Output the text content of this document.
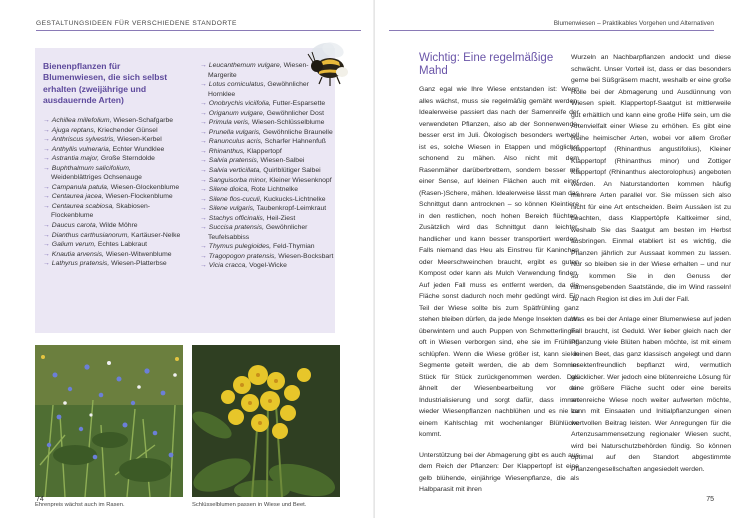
GESTALTUNGSIDEEN FÜR VERSCHIEDENE STANDORTE
Bienenpflanzen für Blumenwiesen, die sich selbst erhalten (zweijährige und ausdauernde Arten)
→ Achillea millefolium, Wiesen-Schafgarbe
→ Ajuga reptans, Kriechender Günsel
→ Anthriscus sylvestris, Wiesen-Kerbel
→ Anthyllis vulneraria, Echter Wundklee
→ Astrantia major, Große Sterndolde
→ Buphthalmum salicifolium, Weidenblättriges Ochsenauge
→ Campanula patula, Wiesen-Glockenblume
→ Centaurea jacea, Wiesen-Flockenblume
→ Centaurea scabiosa, Skabiosen-Flockenblume
→ Daucus carota, Wilde Möhre
→ Dianthus carthusianorum, Kartäuser-Nelke
→ Galium verum, Echtes Labkraut
→ Knautia arvensis, Wiesen-Witwenblume
→ Lathyrus pratensis, Wiesen-Platterbse
→ Leucanthemum vulgare, Wiesen-Margerite
→ Lotus corniculatus, Gewöhnlicher Hornklee
→ Onobrychis viciifolia, Futter-Esparsette
→ Origanum vulgare, Gewöhnlicher Dost
→ Primula veris, Wiesen-Schlüsselblume
→ Prunella vulgaris, Gewöhnliche Braunelle
→ Ranunculus acris, Scharfer Hahnenfuß
→ Rhinanthus, Klappertopf
→ Salvia pratensis, Wiesen-Salbei
→ Salvia verticillata, Quirlblütiger Salbei
→ Sanguisorba minor, Kleiner Wiesenknopf
→ Silene dioica, Rote Lichtnelke
→ Silene flos-cuculi, Kuckucks-Lichtnelke
→ Silene vulgaris, Taubenkropf-Leimkraut
→ Stachys officinalis, Heil-Ziest
→ Succisa pratensis, Gewöhnlicher Teufelsabbiss
→ Thymus pulegioides, Feld-Thymian
→ Tragopogon pratensis, Wiesen-Bocksbart
→ Vicia cracca, Vogel-Wicke
Ehrenpreis wächst auch im Rasen.	Schlüsselblumen passen in Wiese und Beet.
74
Blumenwiesen – Praktikables Vorgehen und Alternativen
Wichtig: Eine regelmäßige Mahd

Ganz egal wie Ihre Wiese entstanden ist: Wenn alles wächst, muss sie regelmäßig gemäht werden. Idealerweise passiert das nach der Samenreife der verwendeten Pflanzen, also ab der Sonnenwende, besser erst im Juli. Ökologisch besonders wertvoll ist es, solche Wiesen in Etappen und möglichst schonend zu mähen. Also nicht mit dem Rasenmäher darüberbrettern, sondern besser mit einer Sense, auf kleinen Flächen auch mit einer (Rasen-)Schere, mähen. Idealerweise lässt man das Schnittgut dann antrocknen – so können Kleintiere in den restlichen, noch hohen Bereich flüchten. Zusätzlich wird das Schnittgut dann leichter, handlicher und kann besser transportiert werden. Falls niemand das Heu als Einstreu für Kaninchen oder Meerschweinchen braucht, ergibt es guten Kompost oder kann als Mulch Verwendung finden. Auf jeden Fall muss es entfernt werden, da die Fläche sonst dadurch noch mehr gedüngt wird. Ein Teil der Wiese sollte bis zum Spätfrühling ganz stehen bleiben dürfen, da jede Menge Insekten darin überwintern und auch Puppen von Schmetterlingen oft in Wiesen verborgen sind, ehe sie im Frühling schlüpfen. Wenn die Wiese größer ist, kann sie in Segmente geteilt werden, die ab dem Sommer Stück für Stück zurückgenommen werden. Das ähnelt der Wiesenbearbeitung vor der Industrialisierung und sorgt dafür, dass immer wieder Wiesenpflanzen nachblühen und es nie zu einem Kahlschlag mit wochenlanger Blühlücke kommt.

Unterstützung bei der Abmagerung gibt es auch aus dem Reich der Pflanzen: Der Klappertopf ist eine gelb blühende, einjährige Wiesenpflanze, die als Halbparasit mit ihren

Wurzeln an Nachbarpflanzen andockt und diese schwächt. Unser Vorteil ist, dass er das besonders gerne bei Süßgräsern macht, weshalb er eine große Rolle bei der Abmagerung und Ausdünnung von Wiesen spielt. Klappertopf-Saatgut ist mittlerweile gut erhältlich und kann eine große Hilfe sein, um die Artenvielfalt einer Wiese zu erhöhen. Es gibt eine Reihe heimischer Arten, wobei vor allem Großer Klappertopf (Rhinanthus angustifolius), Kleiner Klappertopf (Rhinanthus minor) und Zottiger Klappertopf (Rhinanthus alectorolophus) angeboten werden. An Naturstandorten kommen häufig mehrere Arten parallel vor. Sie müssen sich also nicht für eine Art entscheiden. Beim Aussäen ist zu beachten, dass Klappertöpfe Kaltkeimer sind, weshalb Sie das Saatgut am besten im Herbst ausbringen. Einmal etabliert ist es wichtig, die Pflanzen jährlich zur Aussaat kommen zu lassen. Nur so bleiben sie in der Wiese erhalten – und nur so kommen Sie in den Genuss der namensgebenden Saatstände, die im Wind rasseln! Je nach Region ist dies im Juli der Fall.

Was es bei der Anlage einer Blumenwiese auf jeden Fall braucht, ist Geduld. Wer lieber gleich nach der Pflanzung viele Blüten haben möchte, ist mit einem kleinen Beet, das ganz klassisch angelegt und dann insektenfreundlich bepflanzt wird, vermutlich glücklicher. Wer jedoch eine blütenreiche Lösung für eine größere Fläche sucht oder eine bereits artenreiche Wiese noch weiter aufwerten möchte, kann mit Einsaaten und Initialpflanzungen einen wertvollen Beitrag leisten. Wer Anregungen für die Artenzusammensetzung regionaler Wiesen sucht, wird bei Naturschutzbehörden fündig. So können optimal auf den Standort abgestimmte Pflanzengesellschaften angesiedelt werden.

75
